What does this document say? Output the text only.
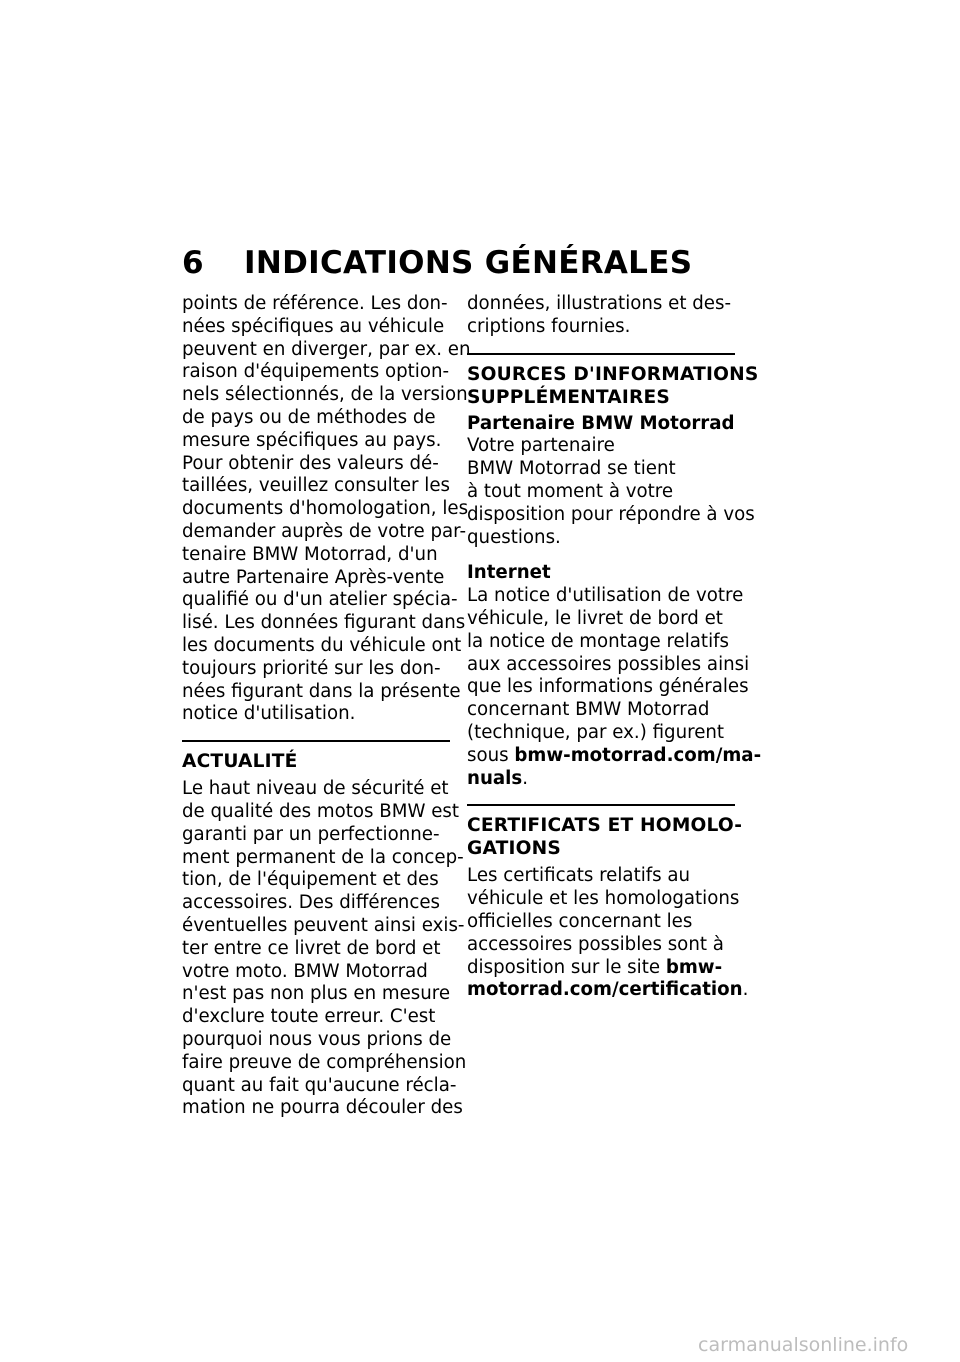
6 INDICATIONS GÉNÉRALES
points de référence. Les don-
nées spécifiques au véhicule
peuvent en diverger, par ex. en
raison d'équipements option-
nels sélectionnés, de la version
de pays ou de méthodes de
mesure spécifiques au pays.
Pour obtenir des valeurs dé-
taillées, veuillez consulter les
documents d'homologation, les
demander auprès de votre par-
tenaire BMW Motorrad, d'un
autre Partenaire Après-vente
qualifié ou d'un atelier spécia-
lisé. Les données figurant dans
les documents du véhicule ont
toujours priorité sur les don-
nées figurant dans la présente
notice d'utilisation.
ACTUALITÉ
Le haut niveau de sécurité et
de qualité des motos BMW est
garanti par un perfectionne-
ment permanent de la concep-
tion, de l'équipement et des
accessoires. Des différences
éventuelles peuvent ainsi exis-
ter entre ce livret de bord et
votre moto. BMW Motorrad
n'est pas non plus en mesure
d'exclure toute erreur. C'est
pourquoi nous vous prions de
faire preuve de compréhension
quant au fait qu'aucune récla-
mation ne pourra découler des
données, illustrations et des-
criptions fournies.
SOURCES D'INFORMATIONS
SUPPLÉMENTAIRES
Partenaire BMW Motorrad
Votre partenaire
BMW Motorrad se tient
à tout moment à votre
disposition pour répondre à vos
questions.
Internet
La notice d'utilisation de votre
véhicule, le livret de bord et
la notice de montage relatifs
aux accessoires possibles ainsi
que les informations générales
concernant BMW Motorrad
(technique, par ex.) figurent
sous bmw-motorrad.com/ma-
nuals.
CERTIFICATS ET HOMOLO-
GATIONS
Les certificats relatifs au
véhicule et les homologations
officielles concernant les
accessoires possibles sont à
disposition sur le site bmw-
motorrad.com/certification.
carmanualsonline.info
